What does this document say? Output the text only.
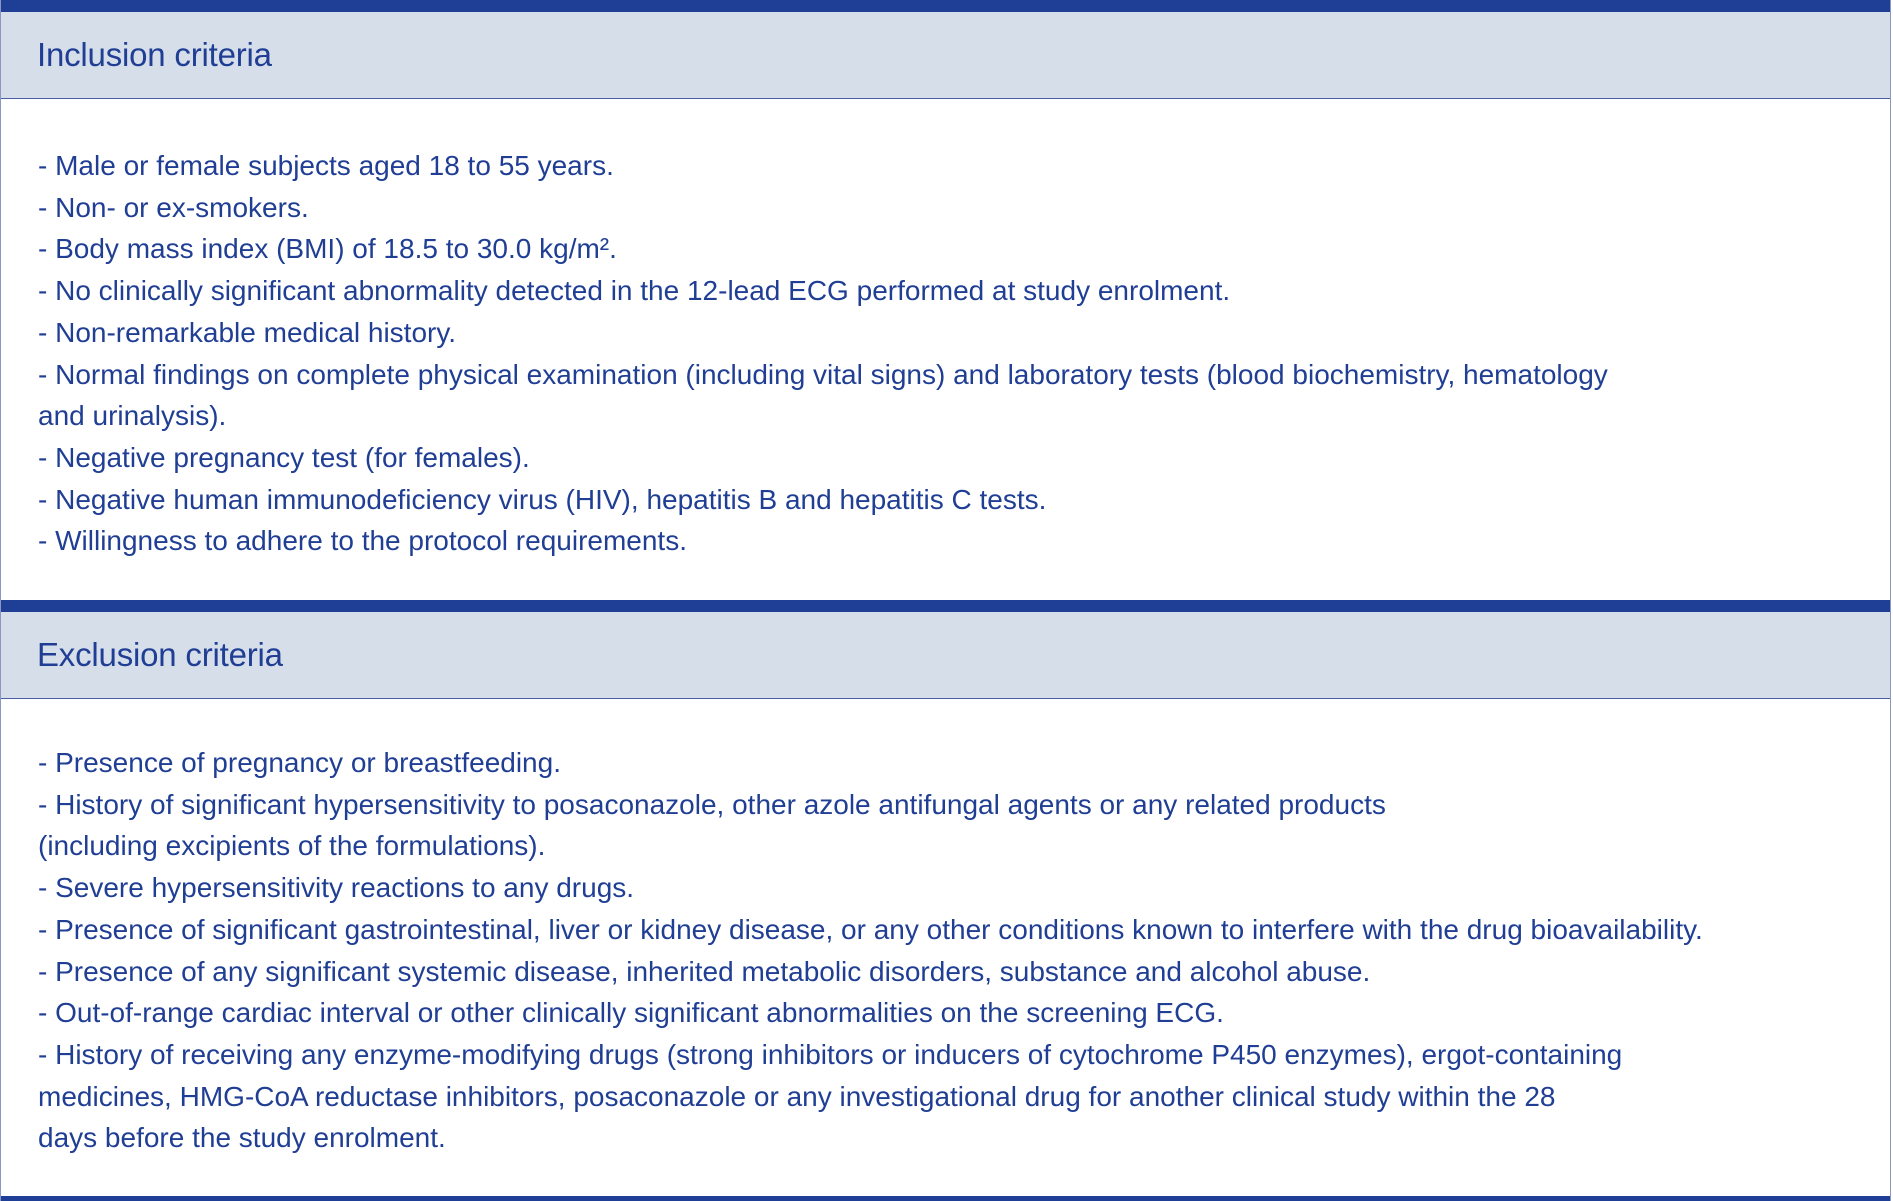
Inclusion criteria
- Male or female subjects aged 18 to 55 years.
- Non- or ex-smokers.
- Body mass index (BMI) of 18.5 to 30.0 kg/m².
- No clinically significant abnormality detected in the 12-lead ECG performed at study enrolment.
- Non-remarkable medical history.
- Normal findings on complete physical examination (including vital signs) and laboratory tests (blood biochemistry, hematology
and urinalysis).
- Negative pregnancy test (for females).
- Negative human immunodeficiency virus (HIV), hepatitis B and hepatitis C tests.
- Willingness to adhere to the protocol requirements.
Exclusion criteria
- Presence of pregnancy or breastfeeding.
- History of significant hypersensitivity to posaconazole, other azole antifungal agents or any related products
(including excipients of the formulations).
- Severe hypersensitivity reactions to any drugs.
- Presence of significant gastrointestinal, liver or kidney disease, or any other conditions known to interfere with the drug bioavailability.
- Presence of any significant systemic disease, inherited metabolic disorders, substance and alcohol abuse.
- Out-of-range cardiac interval or other clinically significant abnormalities on the screening ECG.
- History of receiving any enzyme-modifying drugs (strong inhibitors or inducers of cytochrome P450 enzymes), ergot-containing
medicines, HMG-CoA reductase inhibitors, posaconazole or any investigational drug for another clinical study within the 28
days before the study enrolment.
